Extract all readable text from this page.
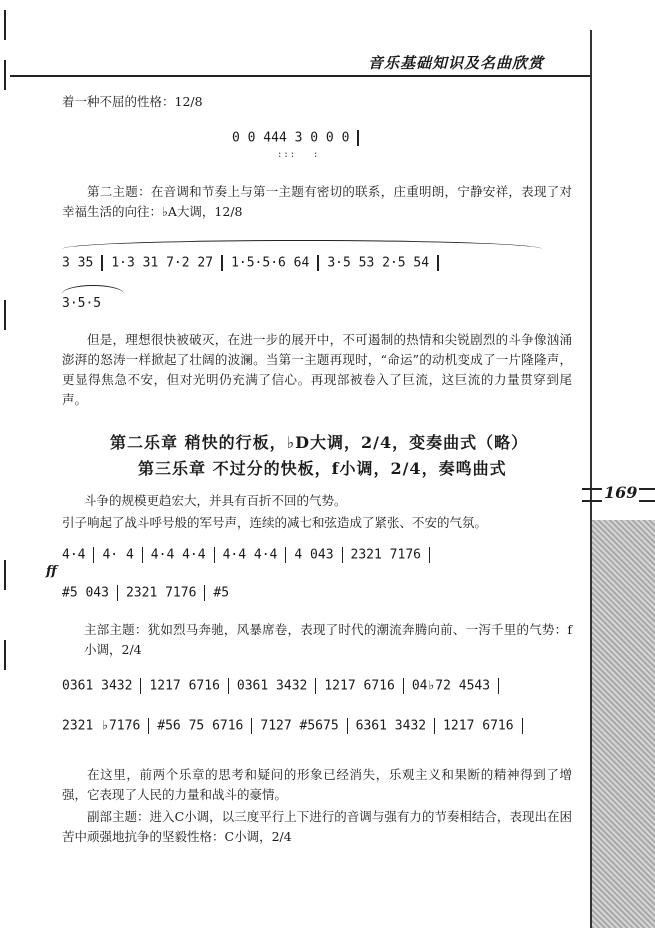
音乐基础知识及名曲欣赏
169
着一种不屈的性格：12/8
0 0 444 3 0 0 0
::: :
第二主题：在音调和节奏上与第一主题有密切的联系，庄重明朗，宁静安祥，表现了对幸福生活的向往：♭A大调，12/8
3 35 1·3 31 7·2 27 1·5·5·6 64 3·5 53 2·5 54
3·5·5
但是，理想很快被破灭，在进一步的展开中，不可遏制的热情和尖锐剧烈的斗争像汹涌澎湃的怒涛一样掀起了壮阔的波澜。当第一主题再现时，“命运”的动机变成了一片隆隆声，更显得焦急不安，但对光明仍充满了信心。再现部被卷入了巨流，这巨流的力量贯穿到尾声。
第二乐章 稍快的行板，♭D大调，2/4，变奏曲式（略）
第三乐章 不过分的快板，f小调，2/4，奏鸣曲式
斗争的规模更趋宏大，并具有百折不回的气势。
引子响起了战斗呼号般的军号声，连续的减七和弦造成了紧张、不安的气氛。
4·4 4· 4 4·4 4·4 4·4 4·4 4 043 2321 7176
ff
#5 043 2321 7176 #5
主部主题：犹如烈马奔驰，风暴席卷，表现了时代的潮流奔腾向前、一泻千里的气势：f小调，2/4
0361 3432 1217 6716 0361 3432 1217 6716 04♭72 4543
2321 ♭7176 #56 75 6716 7127 #5675 6361 3432 1217 6716
在这里，前两个乐章的思考和疑问的形象已经消失，乐观主义和果断的精神得到了增强，它表现了人民的力量和战斗的豪情。
副部主题：进入C小调，以三度平行上下进行的音调与强有力的节奏相结合，表现出在困苦中顽强地抗争的坚毅性格：C小调，2/4
